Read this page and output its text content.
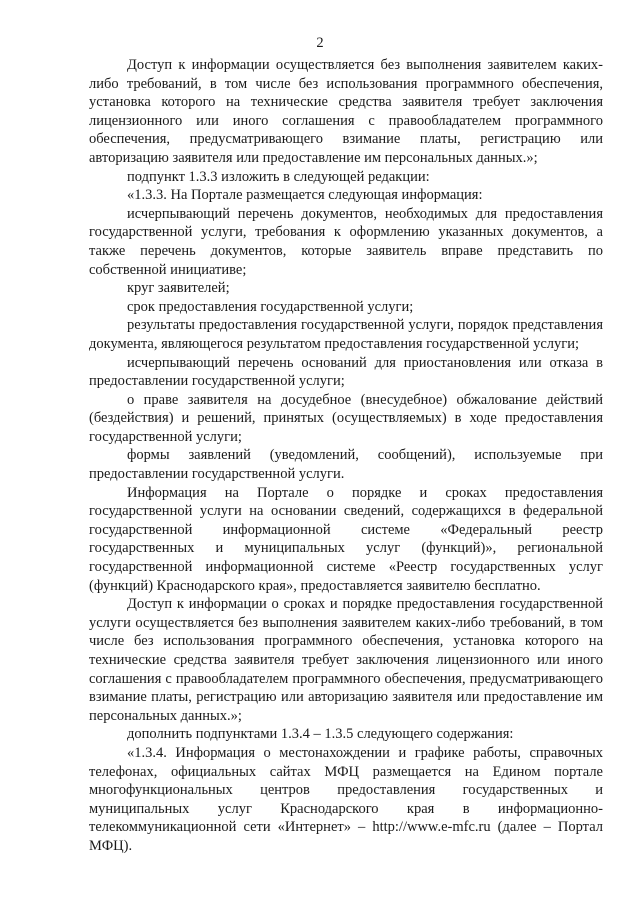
2

Доступ к информации осуществляется без выполнения заявителем каких-либо требований, в том числе без использования программного обеспечения, установка которого на технические средства заявителя требует заключения лицензионного или иного соглашения с правообладателем программного обеспечения, предусматривающего взимание платы, регистрацию или авторизацию заявителя или предоставление им персональных данных.»;

подпункт 1.3.3 изложить в следующей редакции:

«1.3.3. На Портале размещается следующая информация:

исчерпывающий перечень документов, необходимых для предоставления государственной услуги, требования к оформлению указанных документов, а также перечень документов, которые заявитель вправе представить по собственной инициативе;

круг заявителей;

срок предоставления государственной услуги;

результаты предоставления государственной услуги, порядок представления документа, являющегося результатом предоставления государственной услуги;

исчерпывающий перечень оснований для приостановления или отказа в предоставлении государственной услуги;

о праве заявителя на досудебное (внесудебное) обжалование действий (бездействия) и решений, принятых (осуществляемых) в ходе предоставления государственной услуги;

формы заявлений (уведомлений, сообщений), используемые при предоставлении государственной услуги.

Информация на Портале о порядке и сроках предоставления государственной услуги на основании сведений, содержащихся в федеральной государственной информационной системе «Федеральный реестр государственных и муниципальных услуг (функций)», региональной государственной информационной системе «Реестр государственных услуг (функций) Краснодарского края», предоставляется заявителю бесплатно.

Доступ к информации о сроках и порядке предоставления государственной услуги осуществляется без выполнения заявителем каких-либо требований, в том числе без использования программного обеспечения, установка которого на технические средства заявителя требует заключения лицензионного или иного соглашения с правообладателем программного обеспечения, предусматривающего взимание платы, регистрацию или авторизацию заявителя или предоставление им персональных данных.»;

дополнить подпунктами 1.3.4 – 1.3.5 следующего содержания:

«1.3.4. Информация о местонахождении и графике работы, справочных телефонах, официальных сайтах МФЦ размещается на Едином портале многофункциональных центров предоставления государственных и муниципальных услуг Краснодарского края в информационно-телекоммуникационной сети «Интернет» – http://www.e-mfc.ru (далее – Портал МФЦ).
